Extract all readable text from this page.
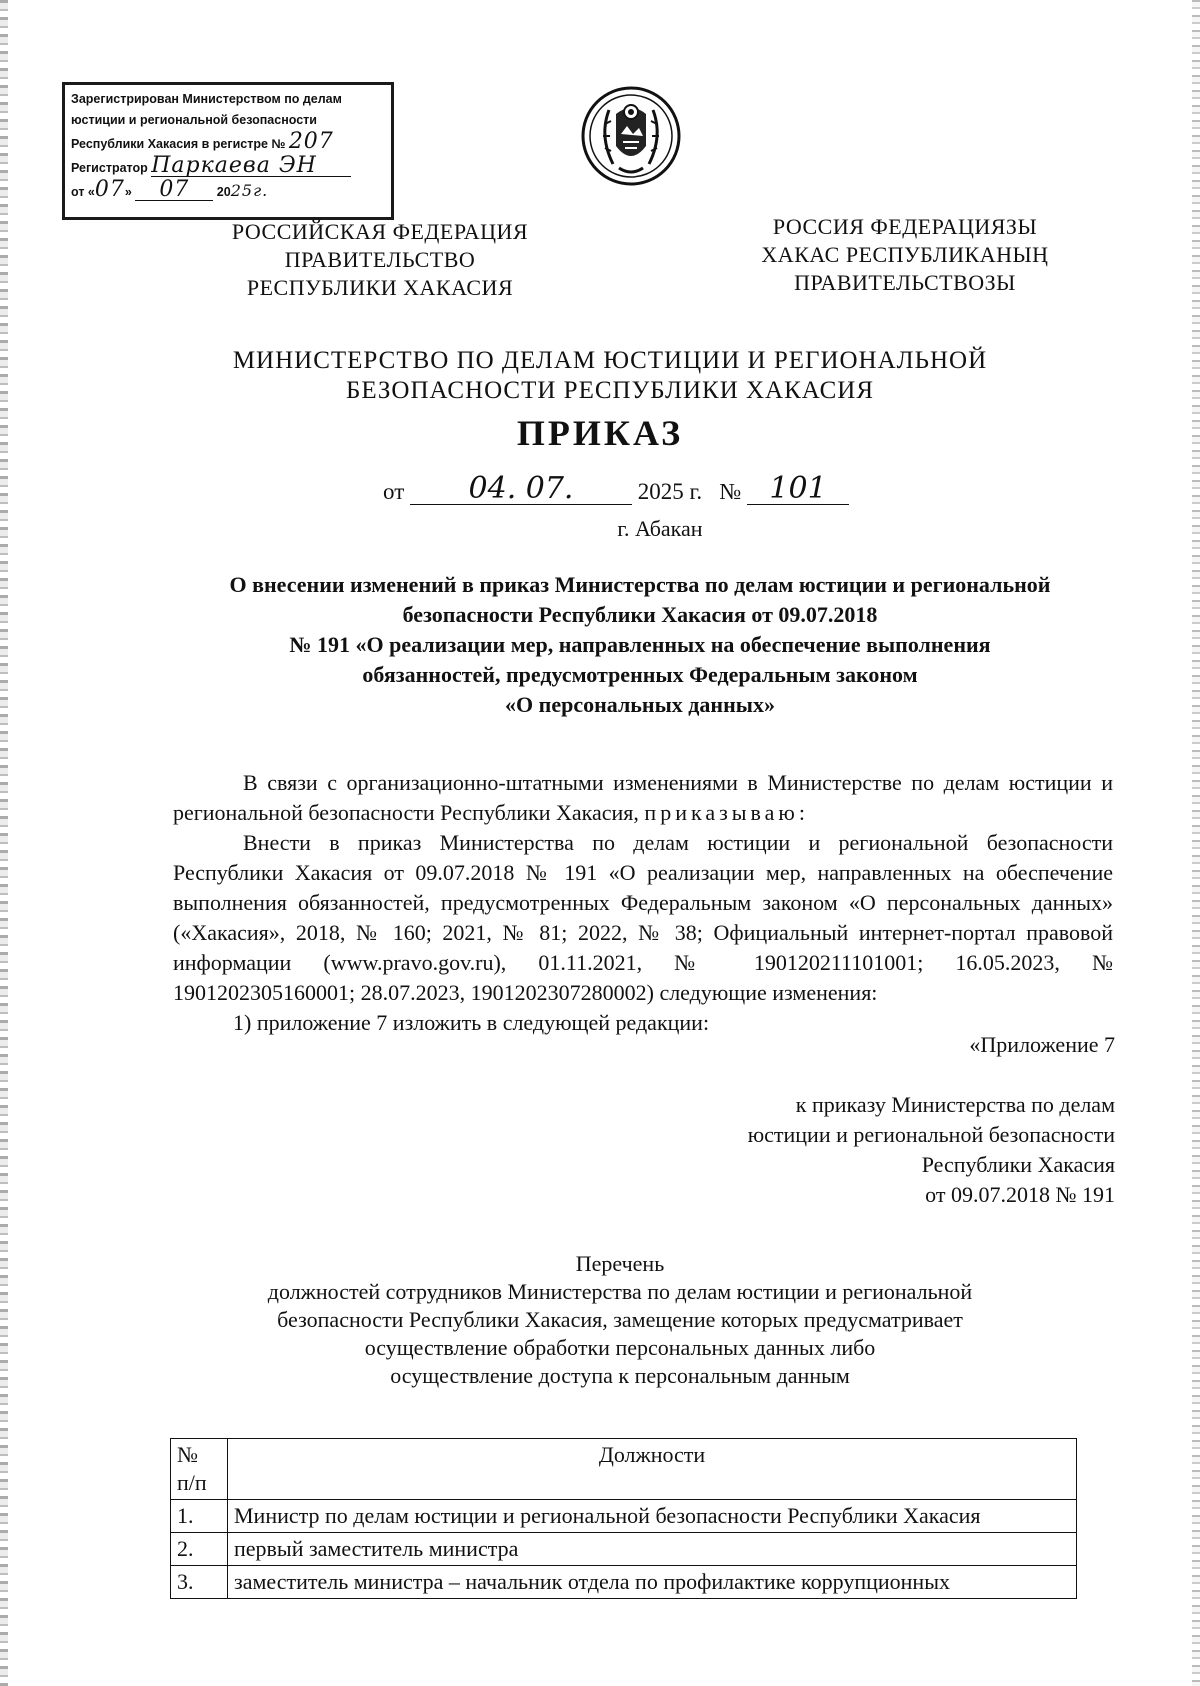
Зарегистрирован Министерством по делам
юстиции и региональной безопасности
Республики Хакасия в регистре № 207
Регистратор Паркаева ЭН
от «07» 07 2025г.
РОССИЙСКАЯ ФЕДЕРАЦИЯ
ПРАВИТЕЛЬСТВО
РЕСПУБЛИКИ ХАКАСИЯ
РОССИЯ ФЕДЕРАЦИЯЗЫ
ХАКАС РЕСПУБЛИКАНЫҢ
ПРАВИТЕЛЬСТВОЗЫ
МИНИСТЕРСТВО ПО ДЕЛАМ ЮСТИЦИИ И РЕГИОНАЛЬНОЙ
БЕЗОПАСНОСТИ РЕСПУБЛИКИ ХАКАСИЯ
ПРИКАЗ
от	04. 07.	2025 г. № 101
г. Абакан
О внесении изменений в приказ Министерства по делам юстиции и региональной
безопасности Республики Хакасия от 09.07.2018
№ 191 «О реализации мер, направленных на обеспечение выполнения
обязанностей, предусмотренных Федеральным законом
«О персональных данных»

В связи с организационно-штатными изменениями в Министерстве по делам юстиции и региональной безопасности Республики Хакасия, приказываю:

Внести в приказ Министерства по делам юстиции и региональной безопасности Республики Хакасия от 09.07.2018 № 191 «О реализации мер, направленных на обеспечение выполнения обязанностей, предусмотренных Федеральным законом «О персональных данных» («Хакасия», 2018, № 160; 2021, № 81; 2022, № 38; Официальный интернет-портал правовой информации (www.pravo.gov.ru), 01.11.2021, № 190120211101001; 16.05.2023, № 1901202305160001; 28.07.2023, 1901202307280002) следующие изменения:

1) приложение 7 изложить в следующей редакции:

«Приложение 7
к приказу Министерства по делам
юстиции и региональной безопасности
Республики Хакасия
от 09.07.2018 № 191
Перечень
должностей сотрудников Министерства по делам юстиции и региональной
безопасности Республики Хакасия, замещение которых предусматривает
осуществление обработки персональных данных либо
осуществление доступа к персональным данным
№
п/п	Должности
1.	Министр по делам юстиции и региональной безопасности Республики Хакасия
2.	первый заместитель министра
3.	заместитель министра – начальник отдела по профилактике коррупционных
